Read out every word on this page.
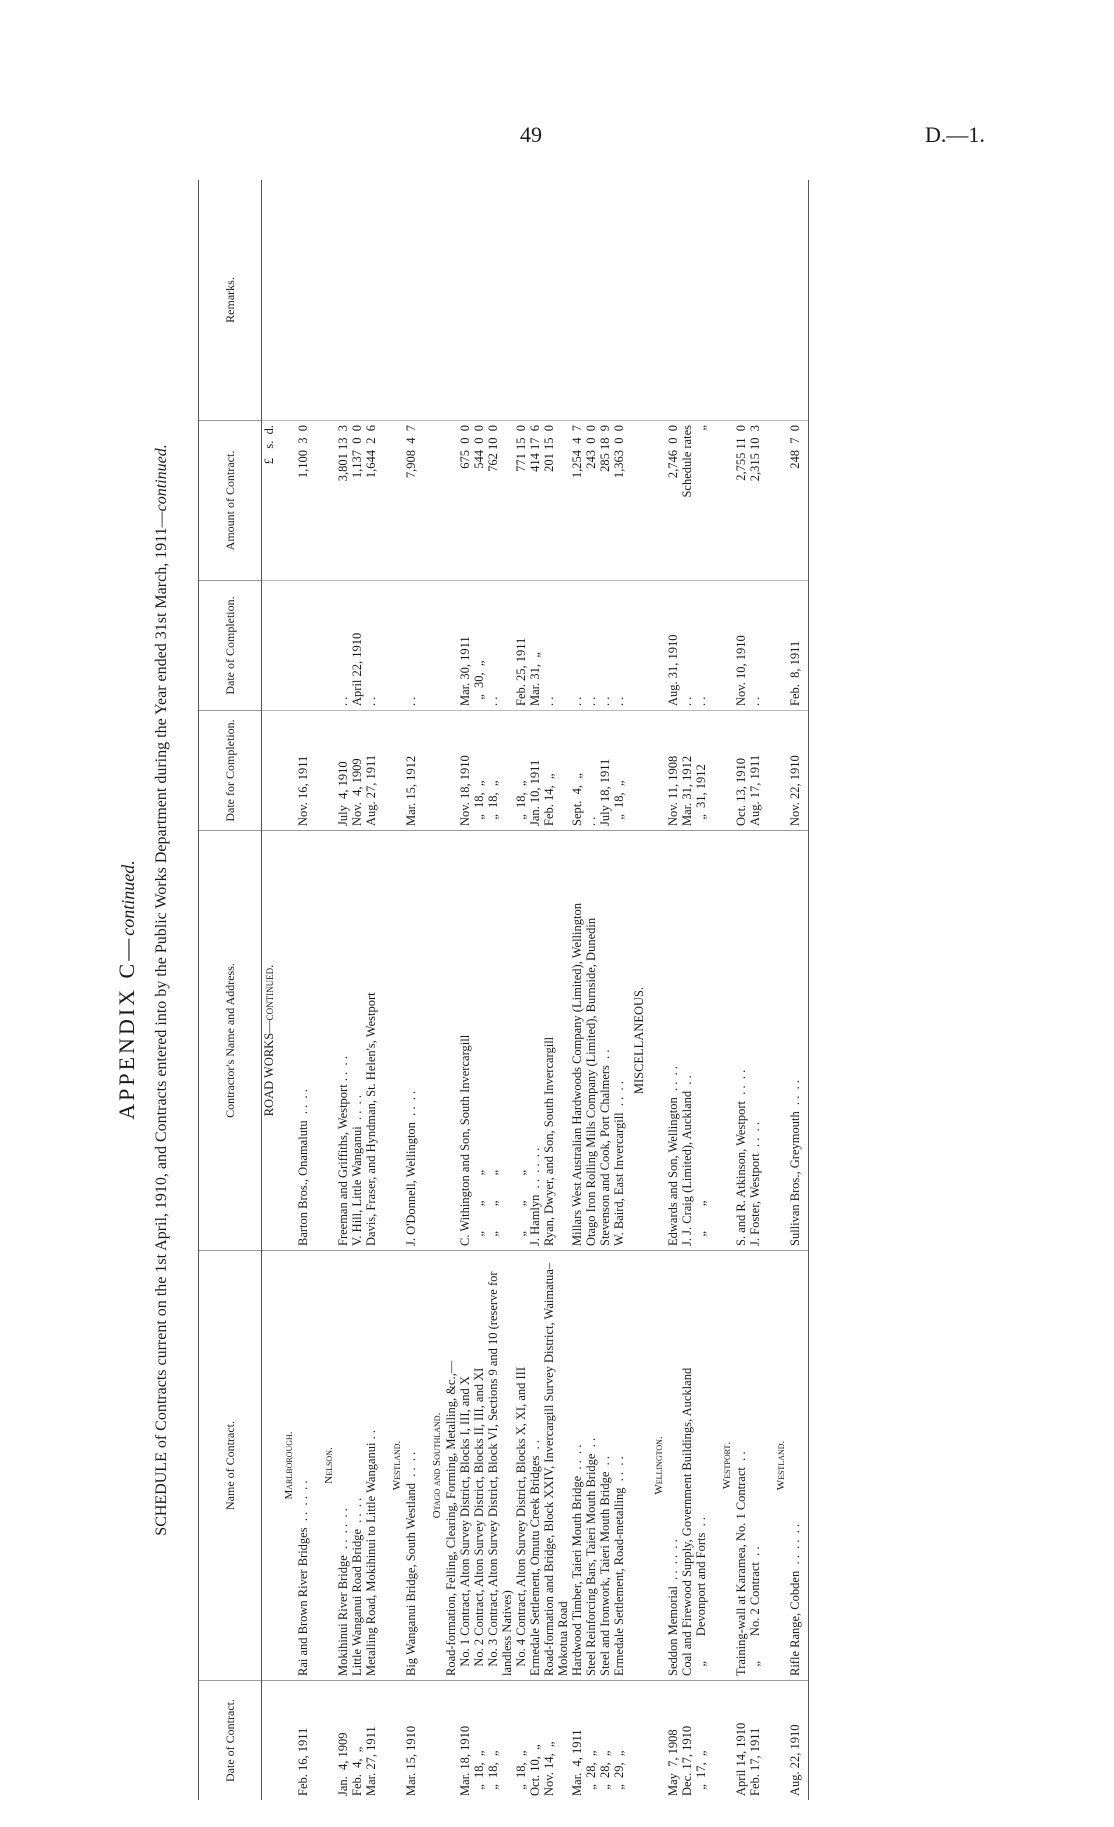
49	D.—1.
APPENDIX C—continued. SCHEDULE of Contracts current on the 1st April, 1910, and Contracts entered into by the Public Works Department during the Year ended 31st March, 1911—continued.
Date of Contract.
Name of Contract.
Contractor's Name and Address.
Date for Completion.
Date of Completion.
Amount of Contract.
Remarks.
ROAD WORKS—continued.
£   s.  d.
Marlborough.
Feb. 16, 1911
Rai and Brown River Bridges  . .  . .  . .
Barton Bros., Onamalutu  . .  . .
Nov. 16, 1911
1,100  3  0
Nelson.
Jan.  4, 1909
Mokihinui River Bridge  . .  . .  . .
Freeman and Griffiths, Westport . .  . .
July  4, 1910
. .
3,801 13  3
Feb.  4,  „
Little Wanganui Road Bridge  . .  . .
V. Hill, Little Wanganui  . .  . .
Nov.  4, 1909
April 22, 1910
1,137  0  0
Mar. 27, 1911
Metalling Road, Mokihinui to Little Wanganui . .
Davis, Fraser, and Hyndman, St. Helen's, Westport
Aug. 27, 1911
. .
1,644  2  6
Westland.
Mar. 15, 1910
Big Wanganui Bridge, South Westland  . .  . .
J. O'Donnell, Wellington  . .  . .
Mar. 15, 1912
. .
7,908  4  7
Otago and Southland. Road-formation, Felling, Clearing, Forming, Metalling, &c.,—
Mar. 18, 1910
No. 1 Contract, Alton Survey District, Blocks I, III, and X
C. Withington and Son, South Invercargill
Nov. 18, 1910
Mar. 30, 1911
675  0  0
„  18,  „
No. 2 Contract, Alton Survey District, Blocks II, III, and XI
„        „        „
„  18,  „
„  30,  „
544  0  0
„  18,  „
No. 3 Contract, Alton Survey District, Block VI, Sections 9 and 10 (reserve for landless Natives)
„        „        „
„  18,  „
. .
762 10  0
„  18,  „
No. 4 Contract, Alton Survey District, Blocks X, XI, and III
„        „        „
„  18,  „
Feb. 25, 1911
771 15  0
Oct. 10,  „
Ermedale Settlement, Omutu Creek Bridges  . .
J. Hamlyn  . .  . .  . .
Jan. 10, 1911
Mar. 31,  „
414 17  6
Nov. 14,  „
Road-formation and Bridge, Block XXIV, Invercargill Survey District, Waimatua–Mokotua Road
Ryan, Dwyer, and Son, South Invercargill
Feb. 14,  „
. .
201 15  0
Mar.  4, 1911
Hardwood Timber, Taieri Mouth Bridge  . .  . .
Millars West Australian Hardwoods Company (Limited), Wellington
Sept.  4,  „
. .
1,254  4  7
„  28,  „
Steel Reinforcing Bars, Taieri Mouth Bridge  . .
Otago Iron Rolling Mills Company (Limited), Burnside, Dunedin
. .
. .
243  0  0
„  28,  „
Steel and Ironwork, Taieri Mouth Bridge  . .
Stevenson and Cook, Port Chalmers  . .
July 18, 1911
. .
285 18  9
„  29,  „
Ermedale Settlement, Road-metalling  . .  . .
W. Baird, East Invercargill  . .  . .
„  18,  „
. .
1,363  0  0
MISCELLANEOUS.
Wellington.
May  7, 1908
Seddon Memorial  . .  . .  . .
Edwards and Son, Wellington  . .  . .
Nov. 11, 1908
Aug. 31, 1910
2,746  0  0
Dec. 17, 1910
Coal and Firewood Supply, Government Buildings, Auckland
J. J. Craig (Limited), Auckland  . .
Mar. 31, 1912
. .
Schedule rates
„  17,  „
„        Devonport and Forts  . .
„        „
„  31, 1912
. .
„
Westport.
April 14, 1910
Training-wall at Karamea, No. 1 Contract  . .
S. and R. Atkinson, Westport  . .  . .
Oct. 13, 1910
Nov. 10, 1910
2,755 11  0
Feb. 17, 1911
„        No. 2 Contract  . .
J. Foster, Westport  . .  . .
Aug. 17, 1911
. .
2,315 10  3
Westland.
Aug. 22, 1910
Rifle Range, Cobden  . .  . .  . .
Sullivan Bros., Greymouth  . .  . .
Nov. 22, 1910
Feb.  8, 1911
248  7  0
